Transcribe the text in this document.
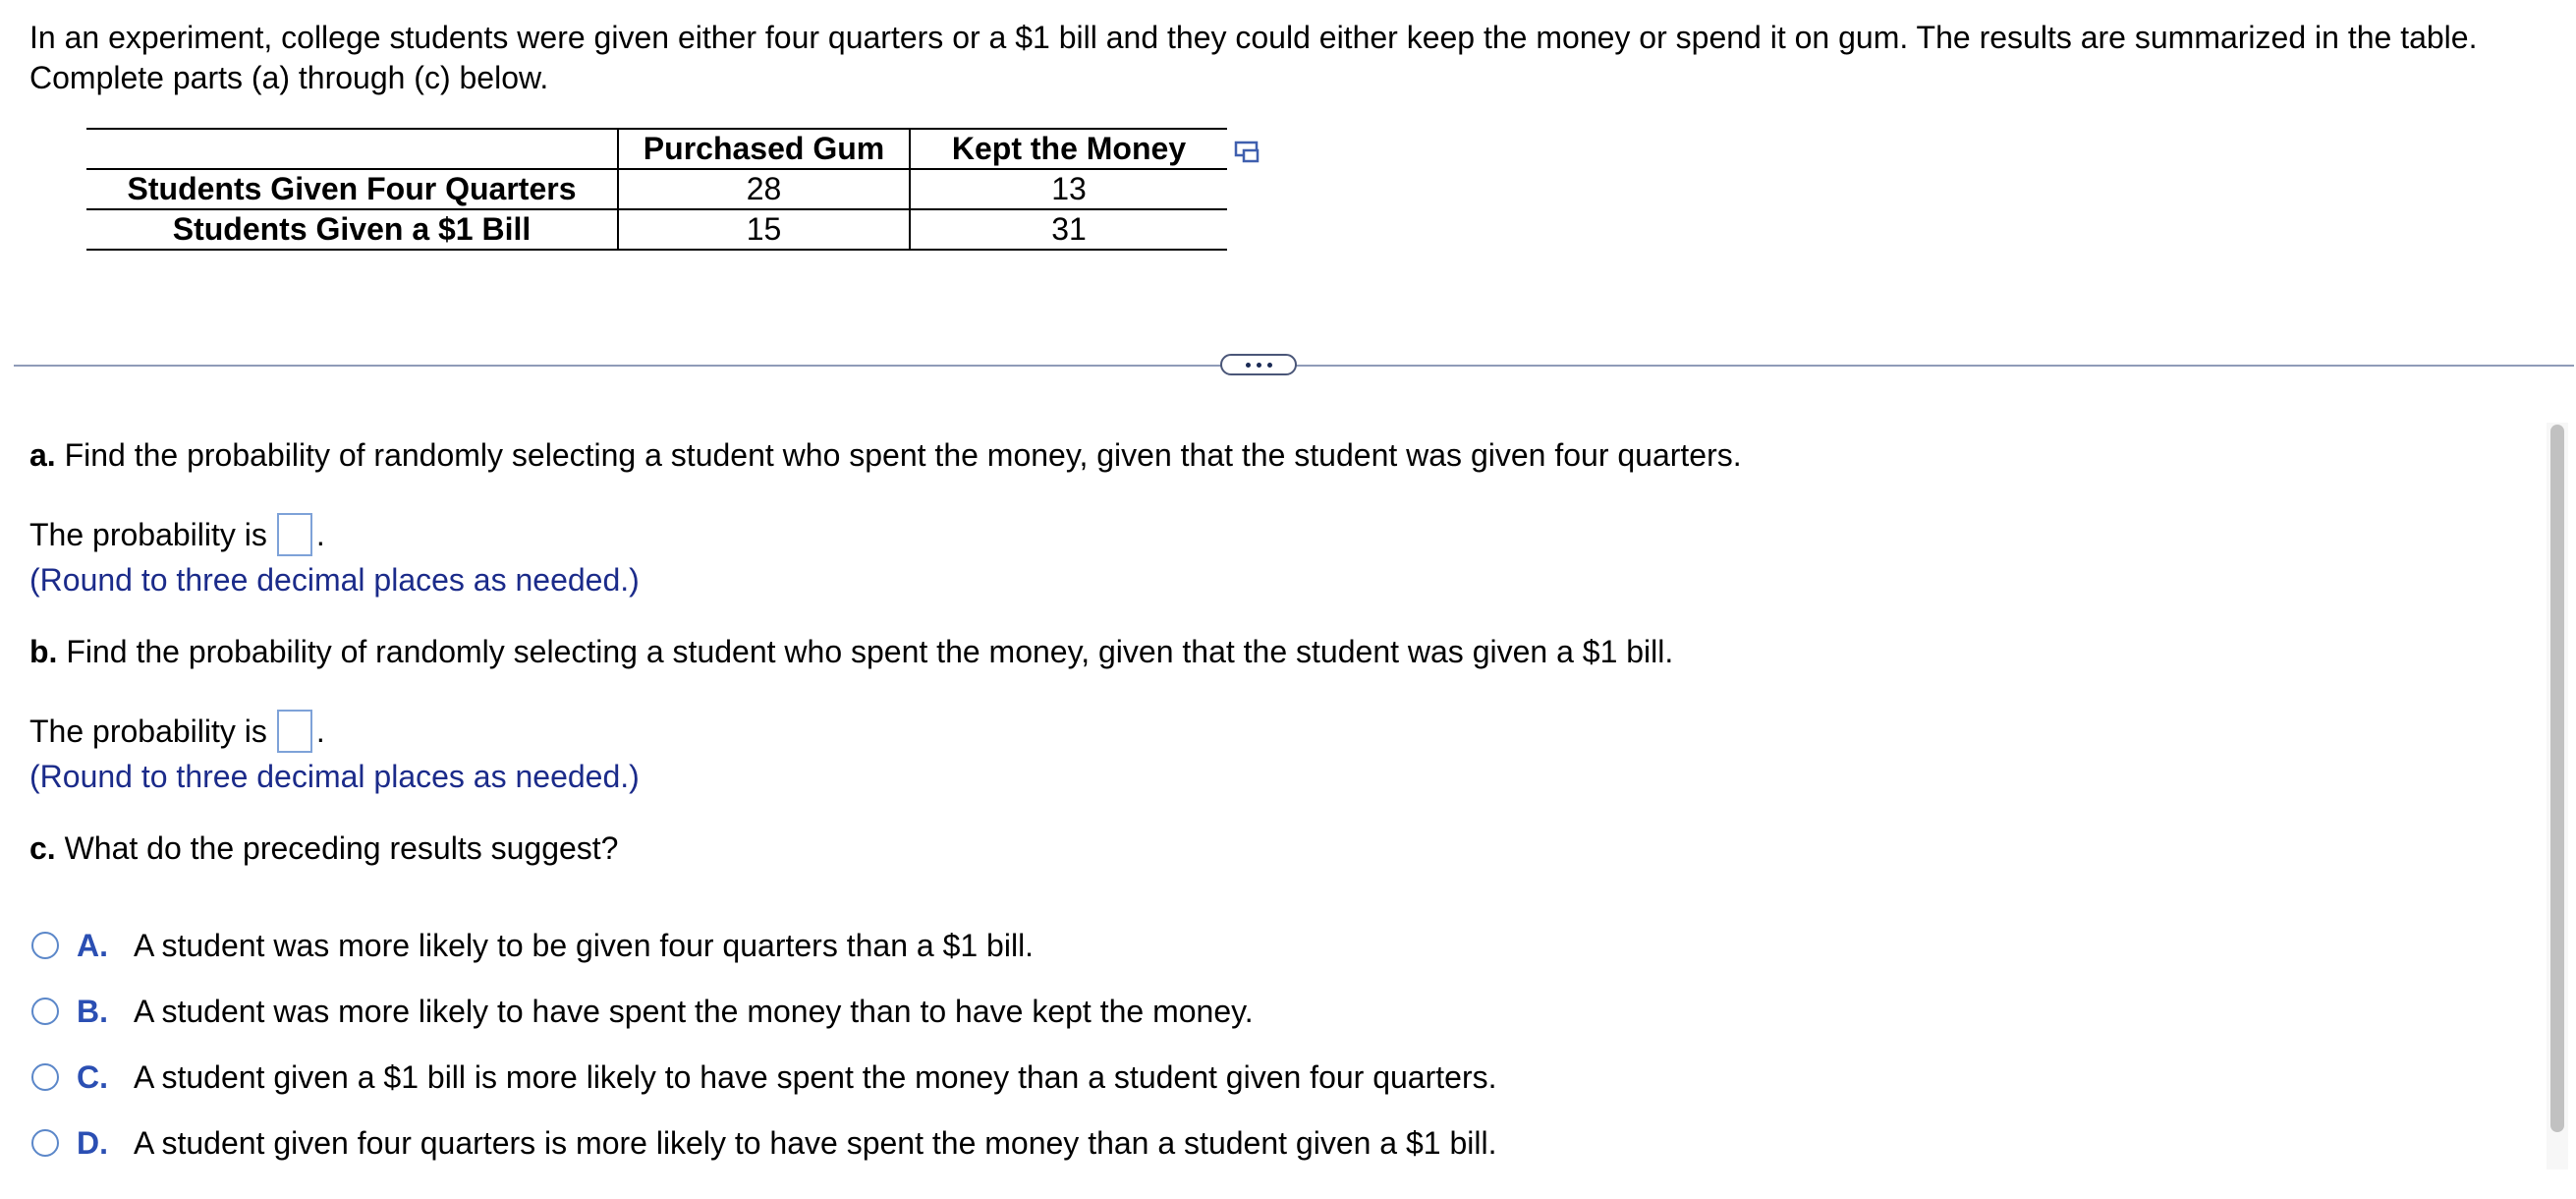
In an experiment, college students were given either four quarters or a $1 bill and they could either keep the money or spend it on gum. The results are summarized in the table.
Complete parts (a) through (c) below.

	Purchased Gum	Kept the Money
Students Given Four Quarters	28	13
Students Given a $1 Bill	15	31

a. Find the probability of randomly selecting a student who spent the money, given that the student was given four quarters.

The probability is .

(Round to three decimal places as needed.)

b. Find the probability of randomly selecting a student who spent the money, given that the student was given a $1 bill.

The probability is .

(Round to three decimal places as needed.)

c. What do the preceding results suggest?

A. A student was more likely to be given four quarters than a $1 bill.
B. A student was more likely to have spent the money than to have kept the money.
C. A student given a $1 bill is more likely to have spent the money than a student given four quarters.
D. A student given four quarters is more likely to have spent the money than a student given a $1 bill.
